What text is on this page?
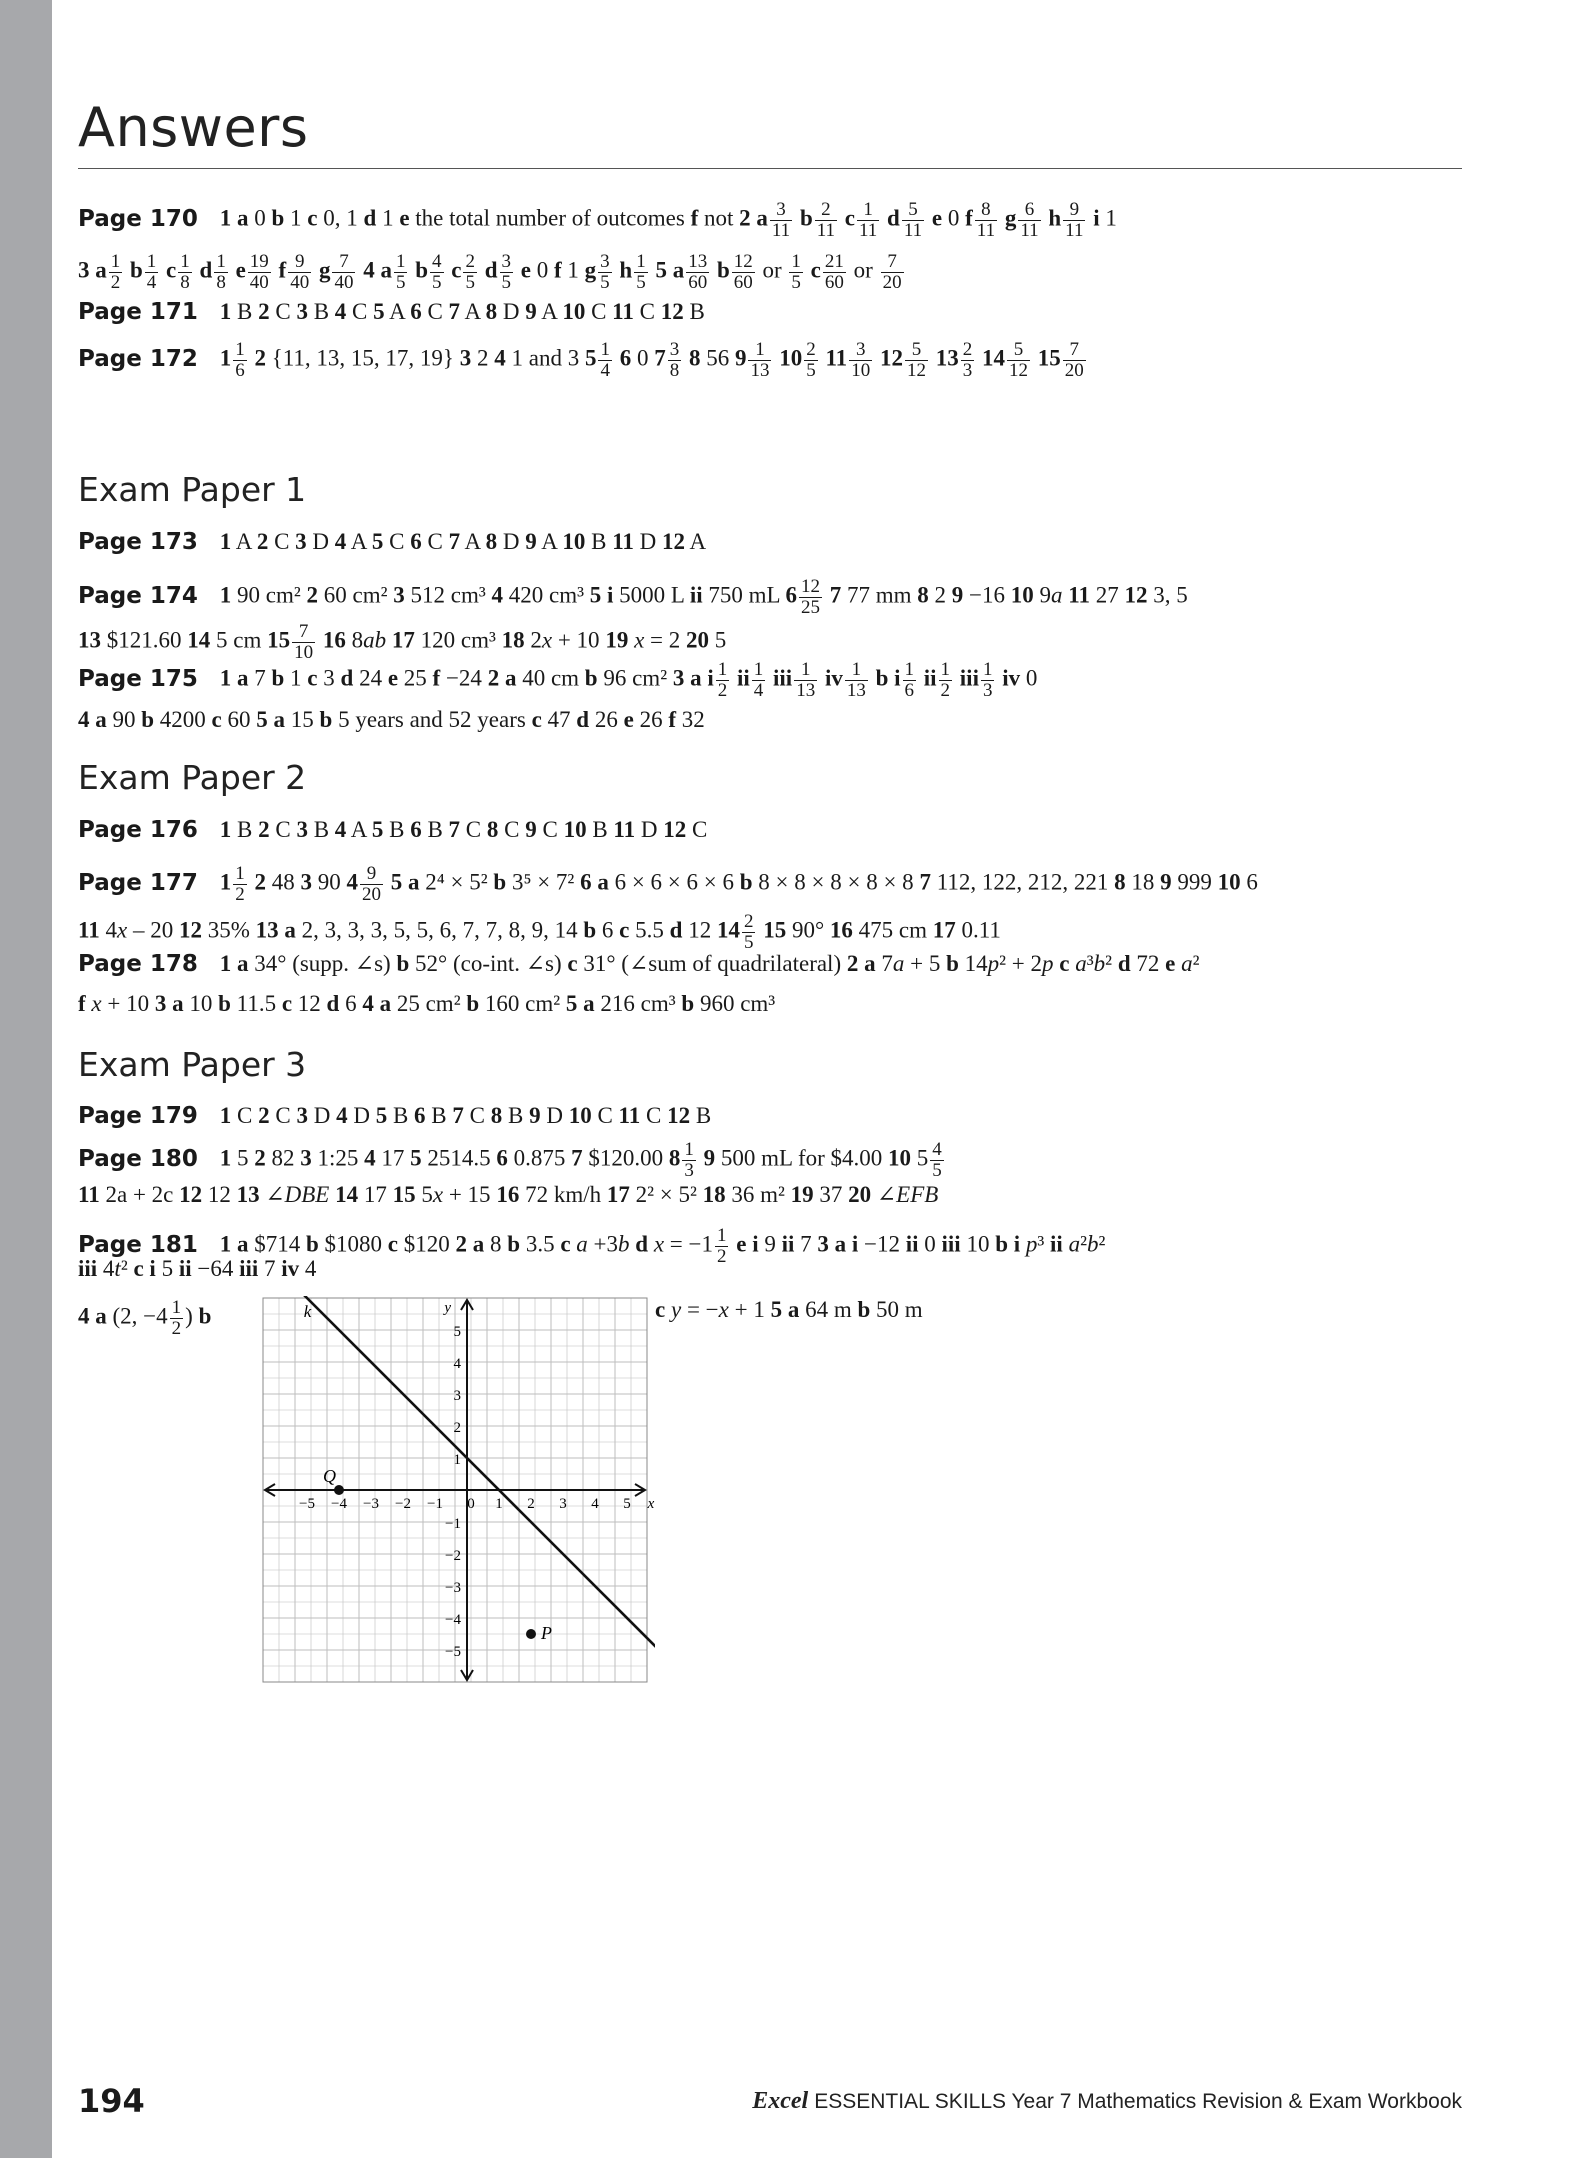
Answers
Page 170 1 a 0 b 1 c 0, 1 d 1 e the total number of outcomes f not 2 a $\frac{3}{11}$ b $\frac{2}{11}$ c $\frac{1}{11}$ d $\frac{5}{11}$ e 0 f $\frac{8}{11}$ g $\frac{6}{11}$ h $\frac{9}{11}$ i 1
3 a $\frac{1}{2}$ b $\frac{1}{4}$ c $\frac{1}{8}$ d $\frac{1}{8}$ e $\frac{19}{40}$ f $\frac{9}{40}$ g $\frac{7}{40} 4$ a $\frac{1}{5}$ b $\frac{4}{5}$ c $\frac{2}{5}$ d $\frac{3}{5}$ e 0 f 1 g $\frac{3}{5}$ h $\frac{1}{5} 5$ a $\frac{13}{60}$ b $\frac{12}{60}$ or $\frac{1}{5}$ c $\frac{21}{60}$ or $\frac{7}{20}$
Page 171 1 B 2 C 3 B 4 C 5 A 6 C 7 A 8 D 9 A 10 C 11 C 12 B
Page 172 $1 \frac{1}{6} 2$ {11, 13, 15, 17, 19} 3 2 4 1 and 3 $5 \frac{1}{4} 6$ 0 $7 \frac{3}{8} 8$ 56 $9 \frac{1}{13} 10 \frac{2}{5} 11 \frac{3}{10} 12 \frac{5}{12} 13 \frac{2}{3} 14 \frac{5}{12} 15 \frac{7}{20}$
Page 173 1 A 2 C 3 D 4 A 5 C 6 C 7 A 8 D 9 A 10 B 11 D 12 A
Page 174 1 90 cm² 2 60 cm² 3 512 cm³ 4 420 cm³ 5 i 5000 L ii 750 mL $6 \frac{12}{25} 7$ 77 mm 8 2 9 −16 10 9a 11 27 12 3, 5
13 $121.60 14 5 cm $15 \frac{7}{10} 16$ 8ab 17 120 cm³ 18 2x + 10 19 x = 2 20 5
Page 175 1 a 7 b 1 c 3 d 24 e 25 f −24 2 a 40 cm b 96 cm² 3 a i $\frac{1}{2}$ ii $\frac{1}{4}$ iii $\frac{1}{13}$ iv $\frac{1}{13}$ b i $\frac{1}{6}$ ii $\frac{1}{2}$ iii $\frac{1}{3}$ iv 0
4 a 90 b 4200 c 60 5 a 15 b 5 years and 52 years c 47 d 26 e 26 f 32
Page 176 1 B 2 C 3 B 4 A 5 B 6 B 7 C 8 C 9 C 10 B 11 D 12 C
Page 177 $1 \frac{1}{2} 2$ 48 3 90 $4 \frac{9}{20} 5$ a 2⁴ × 5² b 3⁵ × 7² 6 a 6 × 6 × 6 × 6 b 8 × 8 × 8 × 8 × 8 7 112, 122, 212, 221 8 18 9 999 10 6
11 4x – 20 12 35% 13 a 2, 3, 3, 3, 5, 5, 6, 7, 7, 8, 9, 14 b 6 c 5.5 d 12 $14 \frac{2}{5} 15$ 90° 16 475 cm 17 0.11
Page 178 1 a 34° (supp. ∠s) b 52° (co-int. ∠s) c 31° (∠sum of quadrilateral) 2 a 7a + 5 b 14p² + 2p c a³b² d 72 e a²
f x + 10 3 a 10 b 11.5 c 12 d 6 4 a 25 cm² b 160 cm² 5 a 216 cm³ b 960 cm³
Page 179 1 C 2 C 3 D 4 D 5 B 6 B 7 C 8 B 9 D 10 C 11 C 12 B
Page 180 1 5 2 82 3 1:25 4 17 5 2514.5 6 0.875 7 $120.00 $8 \frac{1}{3} 9$ 500 mL for $4.00 10 $5 \frac{4}{5}$
11 2a + 2c 12 12 13 ∠DBE 14 17 15 5x + 15 16 72 km/h 17 2² × 5² 18 36 m² 19 37 20 ∠EFB
Page 181 1 a $714 b $1080 c $120 2 a 8 b 3.5 c a +3b d $x = -1 \frac{1}{2}$ e i 9 ii 7 3 a i −12 ii 0 iii 10 b i p³ ii a²b²
iii 4t² c i 5 ii −64 iii 7 iv 4
4 a (2, $-4 \frac{1}{2}$ ) b	c y = −x + 1 5 a 64 m b 50 m
Exam Paper 1
Exam Paper 2
Exam Paper 3
−5 −4 −3 −2 −1 0 1 2 3 4 5 x
5
4
3
2
1
−1
−2
−3
−4
−5
y
k
Q
P
194	Excel ESSENTIAL SKILLS Year 7 Mathematics Revision & Exam Workbook
